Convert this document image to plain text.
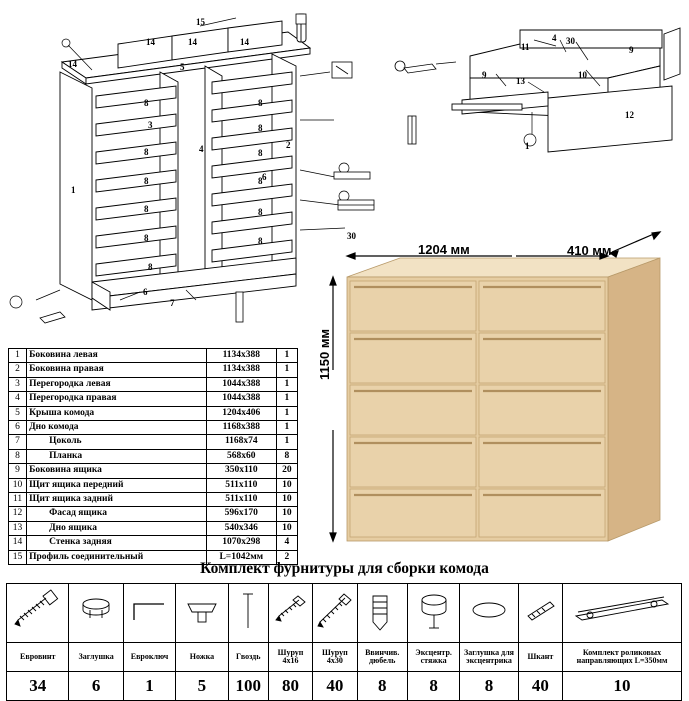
15
14	14	14
14	5
8	8
3	8
2
8	4	8
1
8	6
8
8	8
8	8
8
6
7
30
11
4 30
9
9
13
10
12
1
1	Боковина левая	1134х388	1
2	Боковина правая	1134х388	1
3	Перегородка левая	1044х388	1
4	Перегородка правая	1044х388	1
5	Крыша комода	1204х406	1
6	Дно комода	1168х388	1
7	Цоколь	1168х74	1
8	Планка	568х60	8
9	Боковина ящика	350х110	20
10	Щит ящика передний	511х110	10
11	Щит ящика задний	511х110	10
12	Фасад ящика	596х170	10
13	Дно ящика	540х346	10
14	Стенка задняя	1070х298	4
15	Профиль соединительный	L=1042мм	2
1204 мм	410 мм
1150 мм
Комплект фурнитуры для сборки комода

Евровинт	Заглушка	Евроключ	Ножка	Гвоздь	Шуруп 4х16	Шуруп 4х30	Ввинчив. дюбель	Эксцентр. стяжка	Заглушка для эксцентрика	Шкант	Комплект роликовых направляющих L=350мм
34	6	1	5	100	80	40	8	8	8	40	10
